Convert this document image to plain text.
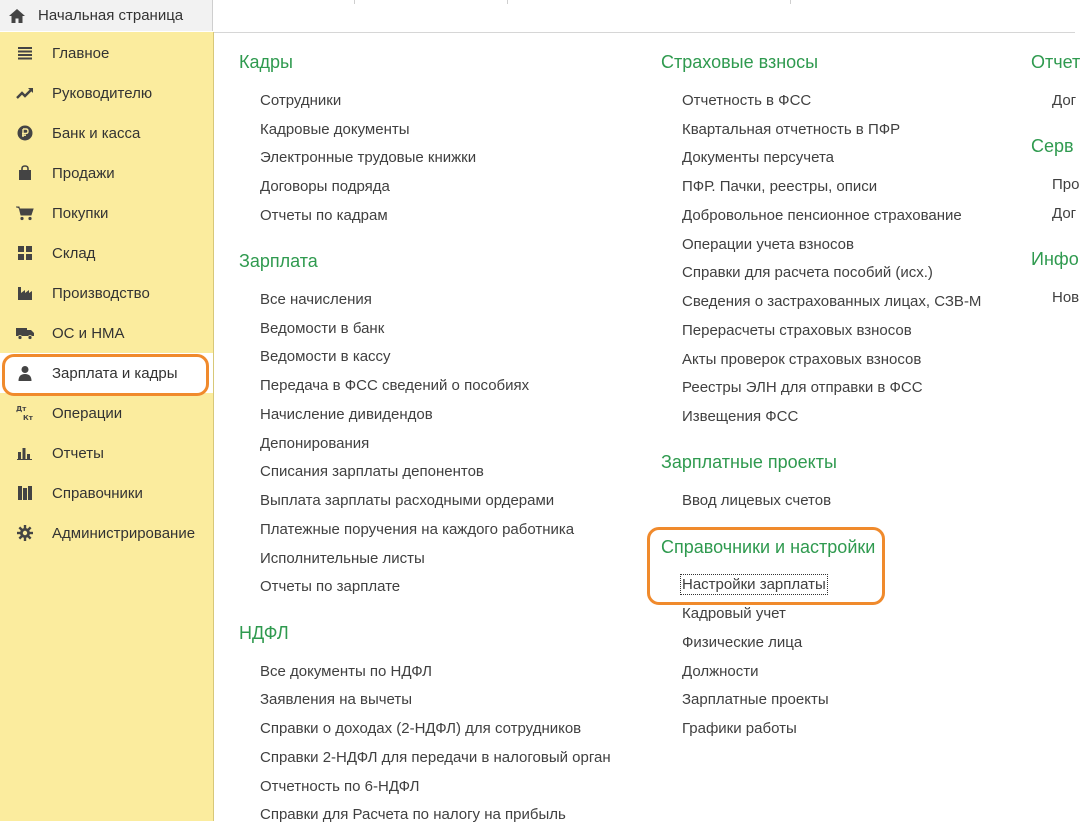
Начальная страница
Главное
Руководителю
Банк и касса
Продажи
Покупки
Склад
Производство
ОС и НМА
Зарплата и кадры
Дт
Кт Операции
Отчеты
Справочники
Администрирование
Кадры
Сотрудники
Кадровые документы
Электронные трудовые книжки
Договоры подряда
Отчеты по кадрам
Зарплата
Все начисления
Ведомости в банк
Ведомости в кассу
Передача в ФСС сведений о пособиях
Начисление дивидендов
Депонирования
Списания зарплаты депонентов
Выплата зарплаты расходными ордерами
Платежные поручения на каждого работника
Исполнительные листы
Отчеты по зарплате
НДФЛ
Все документы по НДФЛ
Заявления на вычеты
Справки о доходах (2-НДФЛ) для сотрудников
Справки 2-НДФЛ для передачи в налоговый орган
Отчетность по 6-НДФЛ
Справки для Расчета по налогу на прибыль
Страховые взносы
Отчетность в ФСС
Квартальная отчетность в ПФР
Документы персучета
ПФР. Пачки, реестры, описи
Добровольное пенсионное страхование
Операции учета взносов
Справки для расчета пособий (исх.)
Сведения о застрахованных лицах, СЗВ-М
Перерасчеты страховых взносов
Акты проверок страховых взносов
Реестры ЭЛН для отправки в ФСС
Извещения ФСС
Зарплатные проекты
Ввод лицевых счетов
Справочники и настройки
Настройки зарплаты
Кадровый учет
Физические лица
Должности
Зарплатные проекты
Графики работы
Отчет
Дог
Серв
Про
Дог
Инфо
Нов
